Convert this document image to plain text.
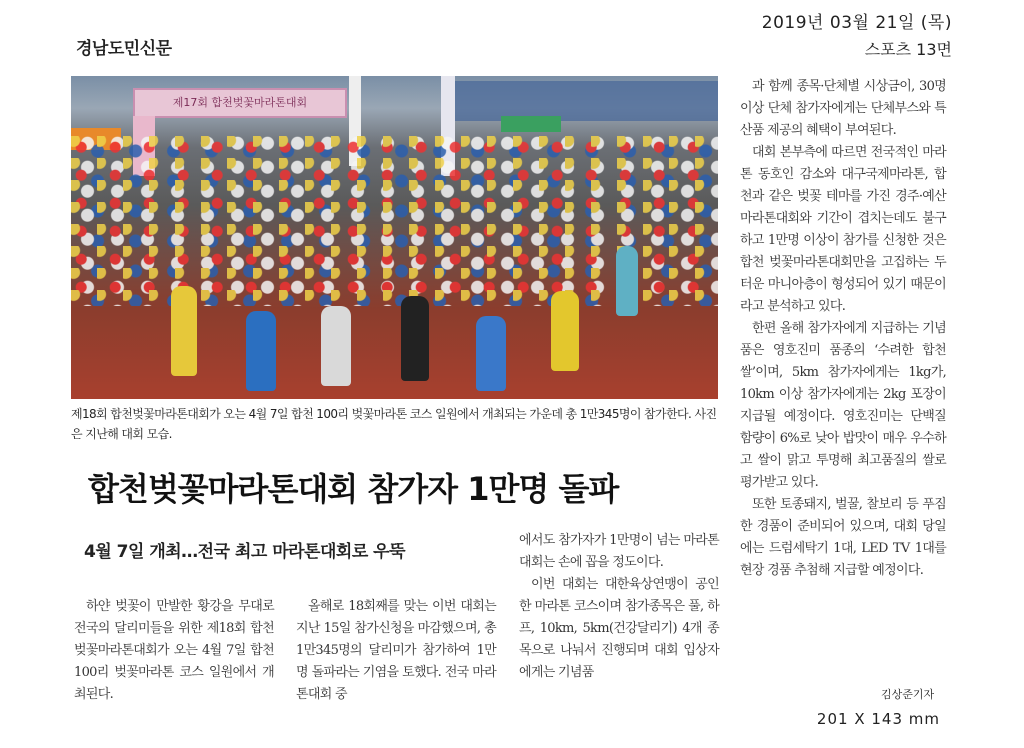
2019년 03월 21일 (목)
스포츠 13면
경남도민신문
제17회 합천벚꽃마라톤대회
제18회 합천벚꽃마라톤대회가 오는 4월 7일 합천 100리 벚꽃마라톤 코스 일원에서 개최되는 가운데 총 1만345명이 참가한다. 사진은 지난해 대회 모습.
합천벚꽃마라톤대회 참가자 1만명 돌파
4월 7일 개최…전국 최고 마라톤대회로 우뚝

하얀 벚꽃이 만발한 황강을 무대로 전국의 달리미들을 위한 제18회 합천벚꽃마라톤대회가 오는 4월 7일 합천 100리 벚꽃마라톤 코스 일원에서 개최된다.

올해로 18회째를 맞는 이번 대회는 지난 15일 참가신청을 마감했으며, 총 1만345명의 달리미가 참가하여 1만명 돌파라는 기염을 토했다. 전국 마라톤대회 중

에서도 참가자가 1만명이 넘는 마라톤대회는 손에 꼽을 정도이다.

이번 대회는 대한육상연맹이 공인한 마라톤 코스이며 참가종목은 풀, 하프, 10km, 5km(건강달리기) 4개 종목으로 나눠서 진행되며 대회 입상자에게는 기념품

과 함께 종목·단체별 시상금이, 30명 이상 단체 참가자에게는 단체부스와 특산품 제공의 혜택이 부여된다.

대회 본부측에 따르면 전국적인 마라톤 동호인 감소와 대구국제마라톤, 합천과 같은 벚꽃 테마를 가진 경주·예산마라톤대회와 기간이 겹치는데도 불구하고 1만명 이상이 참가를 신청한 것은 합천 벚꽃마라톤대회만을 고집하는 두터운 마니아층이 형성되어 있기 때문이라고 분석하고 있다.

한편 올해 참가자에게 지급하는 기념품은 영호진미 품종의 ‘수려한 합천쌀’이며, 5km 참가자에게는 1kg가, 10km 이상 참가자에게는 2kg 포장이 지급될 예정이다. 영호진미는 단백질 함량이 6%로 낮아 밥맛이 매우 우수하고 쌀이 맑고 투명해 최고품질의 쌀로 평가받고 있다.

또한 토종돼지, 벌꿀, 찰보리 등 푸짐한 경품이 준비되어 있으며, 대회 당일에는 드럼세탁기 1대, LED TV 1대를 현장 경품 추첨해 지급할 예정이다.

김상준기자
201 X 143 mm
